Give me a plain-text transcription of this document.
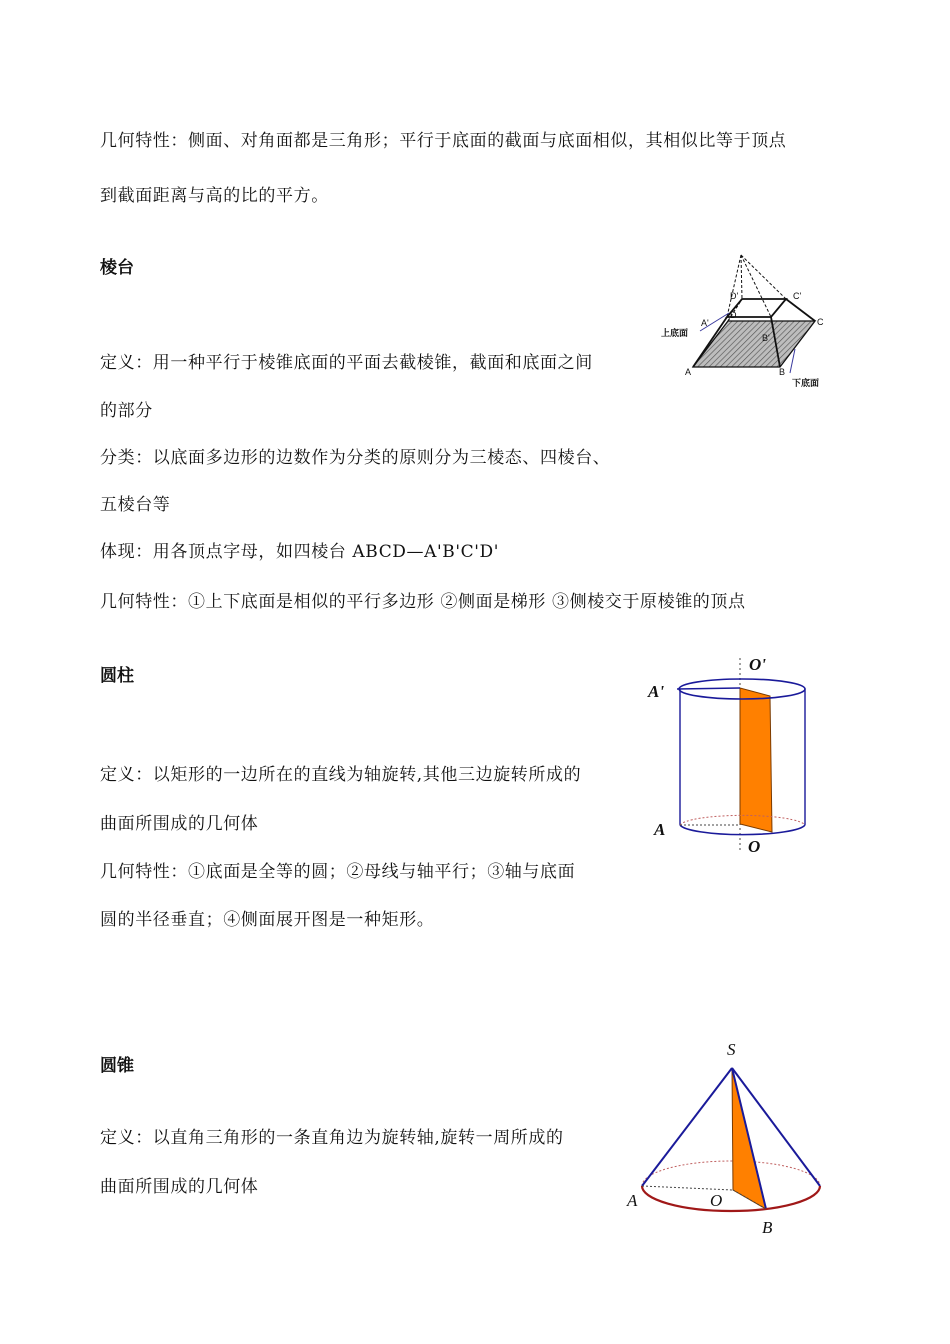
几何特性：侧面、对角面都是三角形；平行于底面的截面与底面相似，其相似比等于顶点
到截面距离与高的比的平方。
棱台
定义：用一种平行于棱锥底面的平面去截棱锥，截面和底面之间
的部分
分类：以底面多边形的边数作为分类的原则分为三棱态、四棱台、
五棱台等
体现：用各顶点字母，如四棱台 ABCD—A'B'C'D'
几何特性：①上下底面是相似的平行多边形 ②侧面是梯形 ③侧棱交于原棱锥的顶点
上底面
下底面
A	B
C
D
A'
B'
C'
D'
圆柱
定义：以矩形的一边所在的直线为轴旋转,其他三边旋转所成的
曲面所围成的几何体
几何特性：①底面是全等的圆；②母线与轴平行；③轴与底面
圆的半径垂直；④侧面展开图是一种矩形。
O'
A'
A
O
圆锥
定义：以直角三角形的一条直角边为旋转轴,旋转一周所成的
曲面所围成的几何体
S
A	O
B
